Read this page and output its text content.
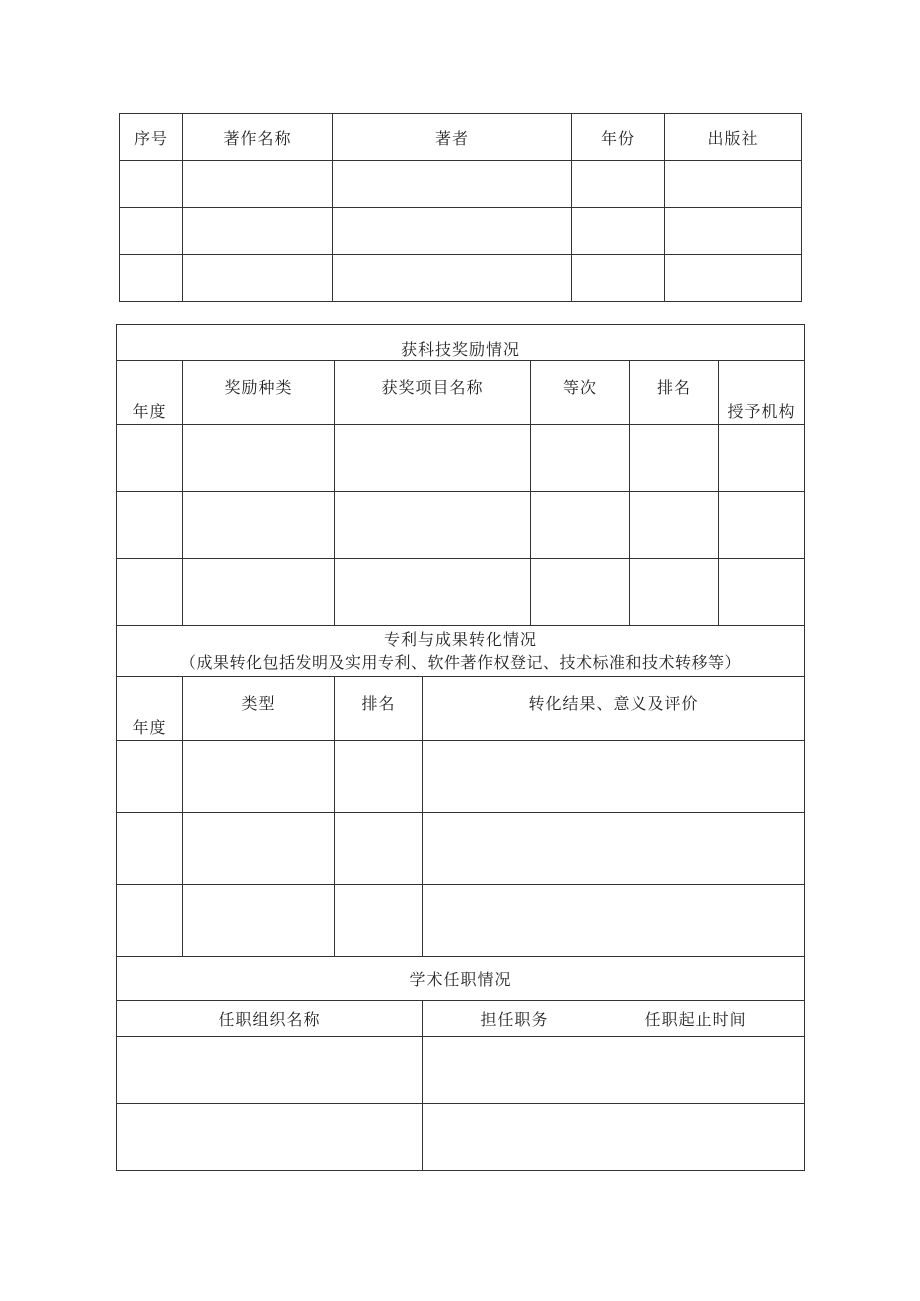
序号	著作名称	著者	年份	出版社

获科技奖励情况						
年度	奖励种类	获奖项目名称		等次	排名	授予机构

专利与成果转化情况
（成果转化包括发明及实用专利、软件著作权登记、技术标准和技术转移等）						

年度	类型	排名	转化结果、意义及评价			

学术任职情况						
任职组织名称			担任职务 任职起止时间			
